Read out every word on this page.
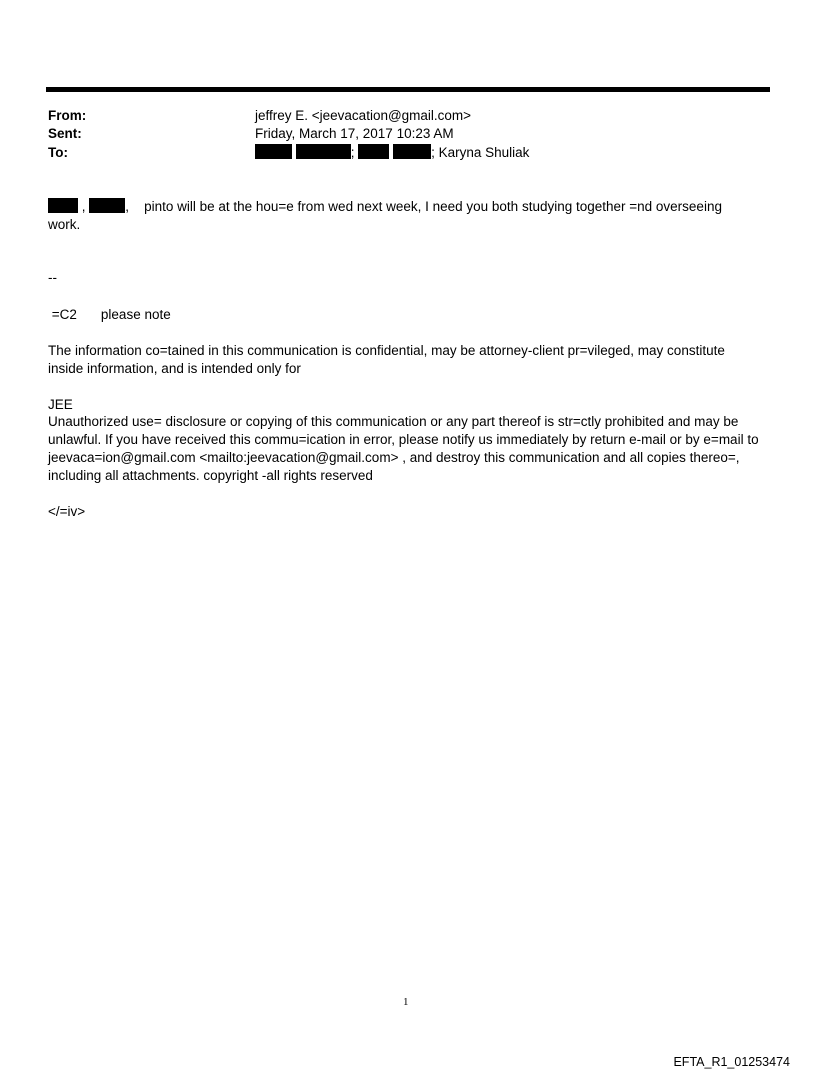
From:	jeffrey E. <jeevacation@gmail.com>
Sent:	Friday, March 17, 2017 10:23 AM
To:	;	; Karyna Shuliak
,	, pinto will be at the hou=e from wed next week, I need you both studying together =nd overseeing
work.
--
=C2 please note
The information co=tained in this communication is confidential, may be attorney-client pr=vileged, may constitute
inside information, and is intended only for
JEE
Unauthorized use= disclosure or copying of this communication or any part thereof is str=ctly prohibited and may be
unlawful. If you have received this commu=ication in error, please notify us immediately by return e-mail or by e=mail to
jeevaca=ion@gmail.com <mailto:jeevacation@gmail.com> , and destroy this communication and all copies thereo=,
including all attachments. copyright -all rights reserved
</=iv>
1
EFTA_R1_01253474
